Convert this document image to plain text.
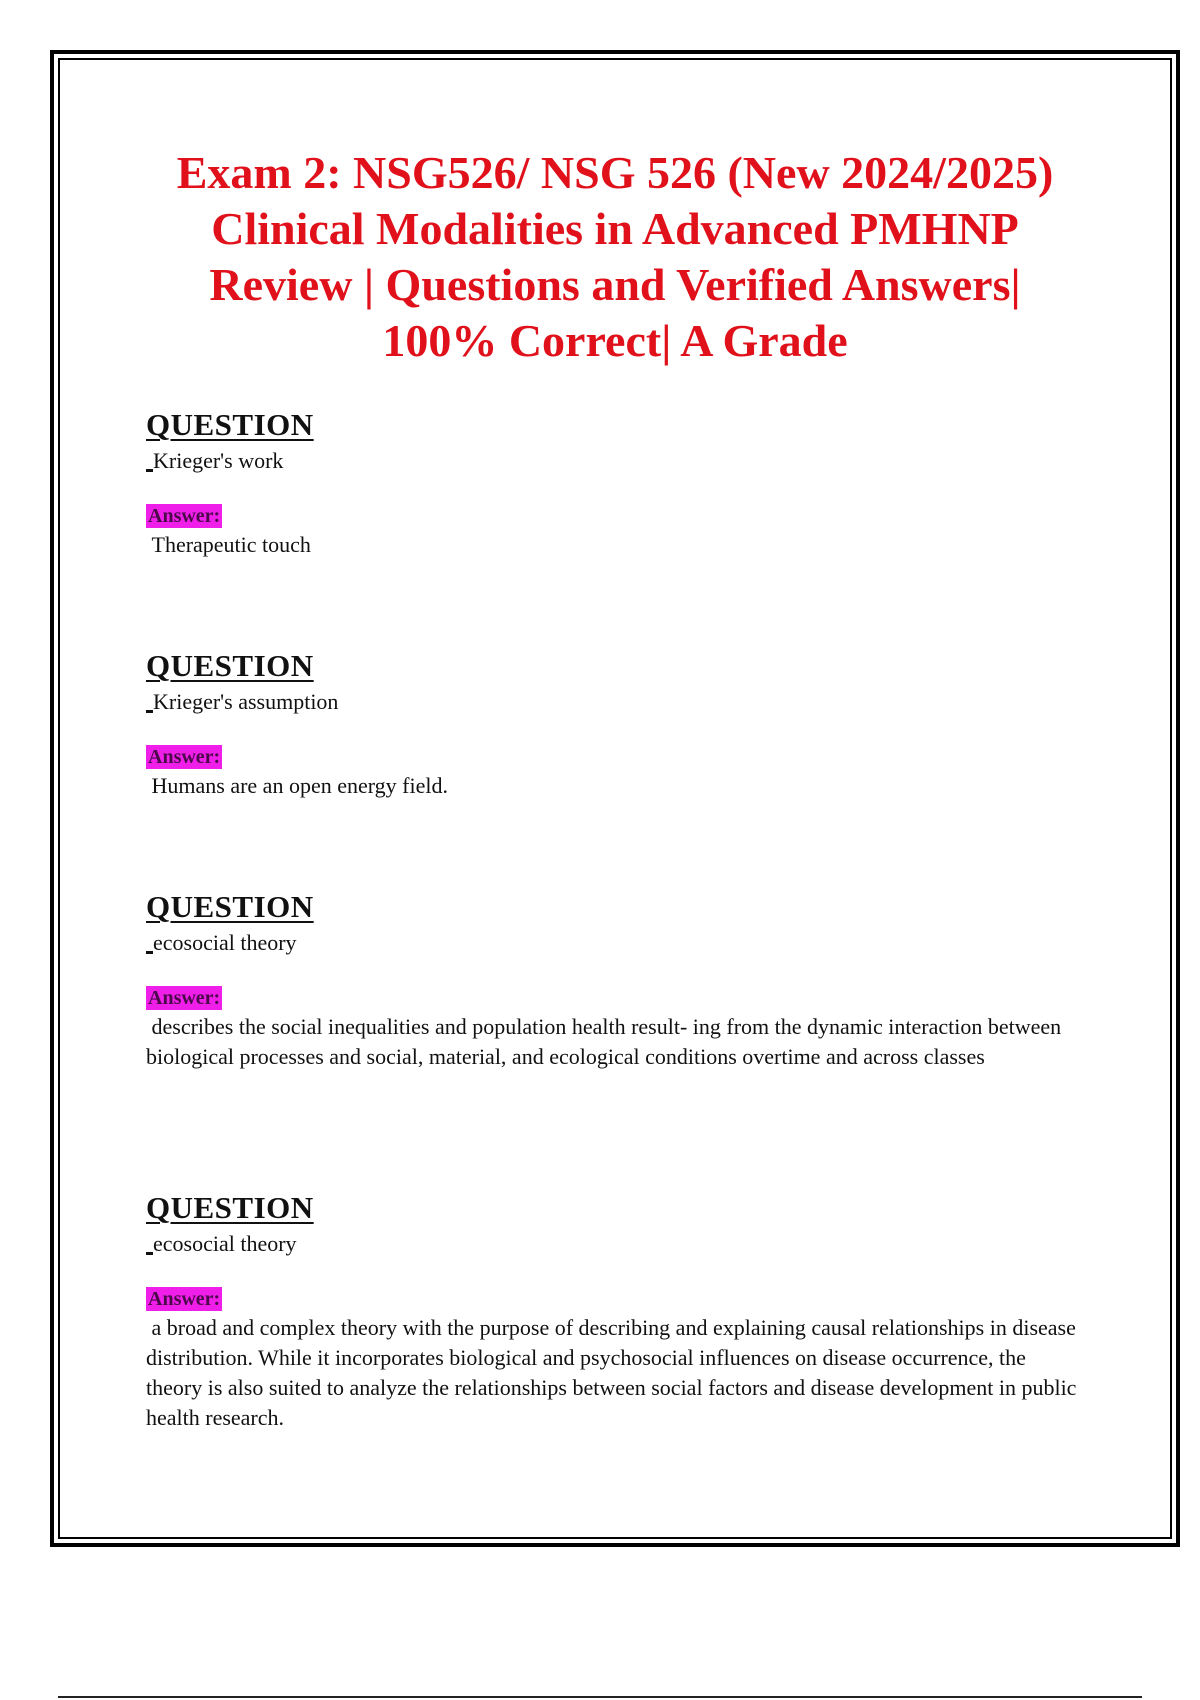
Exam 2: NSG526/ NSG 526 (New 2024/2025)
Clinical Modalities in Advanced PMHNP
Review | Questions and Verified Answers|
100% Correct| A Grade
QUESTION
Krieger's work
Answer:
Therapeutic touch
QUESTION
Krieger's assumption
Answer:
Humans are an open energy field.
QUESTION
ecosocial theory
Answer:
describes the social inequalities and population health result- ing from the dynamic interaction between biological processes and social, material, and ecological conditions overtime and across classes
QUESTION
ecosocial theory
Answer:
a broad and complex theory with the purpose of describing and explaining causal relationships in disease distribution. While it incorporates biological and psychosocial influences on disease occurrence, the theory is also suited to analyze the relationships between social factors and disease development in public health research.
